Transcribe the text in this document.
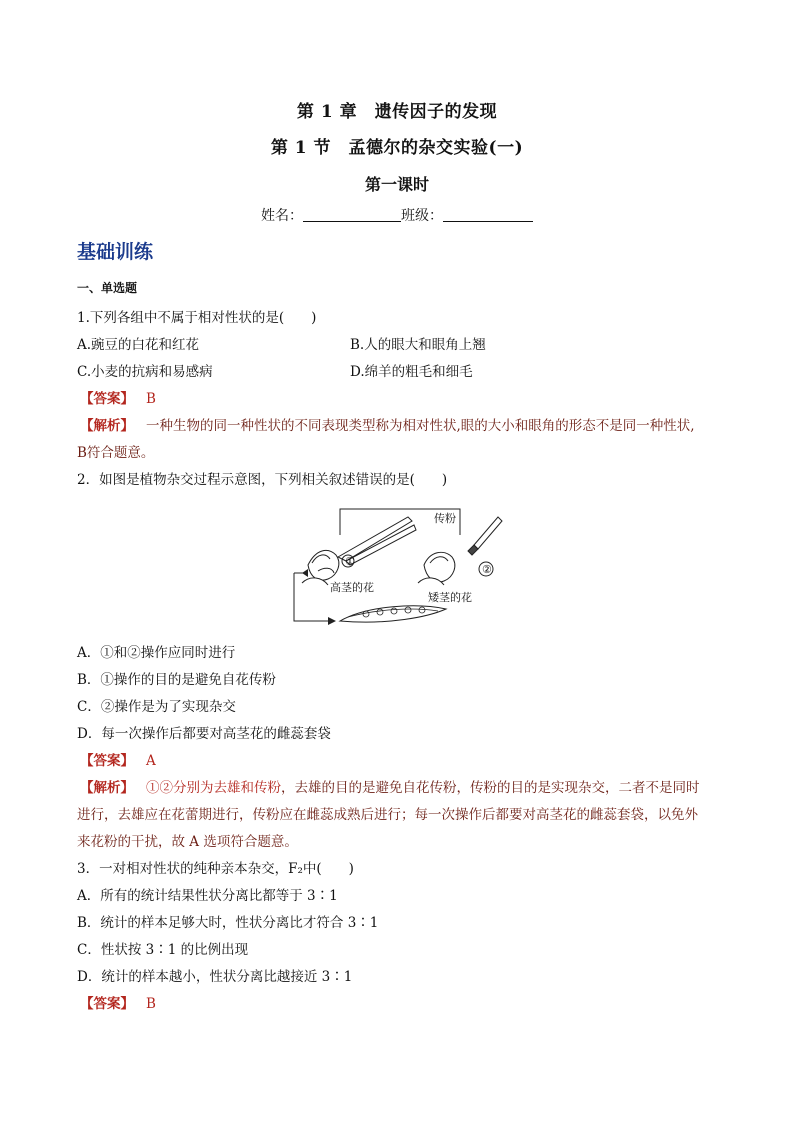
第 1 章　遗传因子的发现
第 1 节　孟德尔的杂交实验(一)
第一课时
姓名：	班级：
基础训练
一、单选题
1.下列各组中不属于相对性状的是(　　)
A.豌豆的白花和红花	B.人的眼大和眼角上翘
C.小麦的抗病和易感病	D.绵羊的粗毛和细毛
【答案】 B
【解析】 一种生物的同一种性状的不同表现类型称为相对性状,眼的大小和眼角的形态不是同一种性状,
B符合题意。
2．如图是植物杂交过程示意图，下列相关叙述错误的是(　　)
①
高茎的花
传粉
②
矮茎的花
A．①和②操作应同时进行
B．①操作的目的是避免自花传粉
C．②操作是为了实现杂交
D．每一次操作后都要对高茎花的雌蕊套袋
【答案】 A
【解析】 ①②分别为去雄和传粉，去雄的目的是避免自花传粉，传粉的目的是实现杂交，二者不是同时
进行，去雄应在花蕾期进行，传粉应在雌蕊成熟后进行；每一次操作后都要对高茎花的雌蕊套袋，以免外
来花粉的干扰，故 A 选项符合题意。
3．一对相对性状的纯种亲本杂交，F₂中(　　)
A．所有的统计结果性状分离比都等于 3∶1
B．统计的样本足够大时，性状分离比才符合 3∶1
C．性状按 3∶1 的比例出现
D．统计的样本越小，性状分离比越接近 3∶1
【答案】 B
